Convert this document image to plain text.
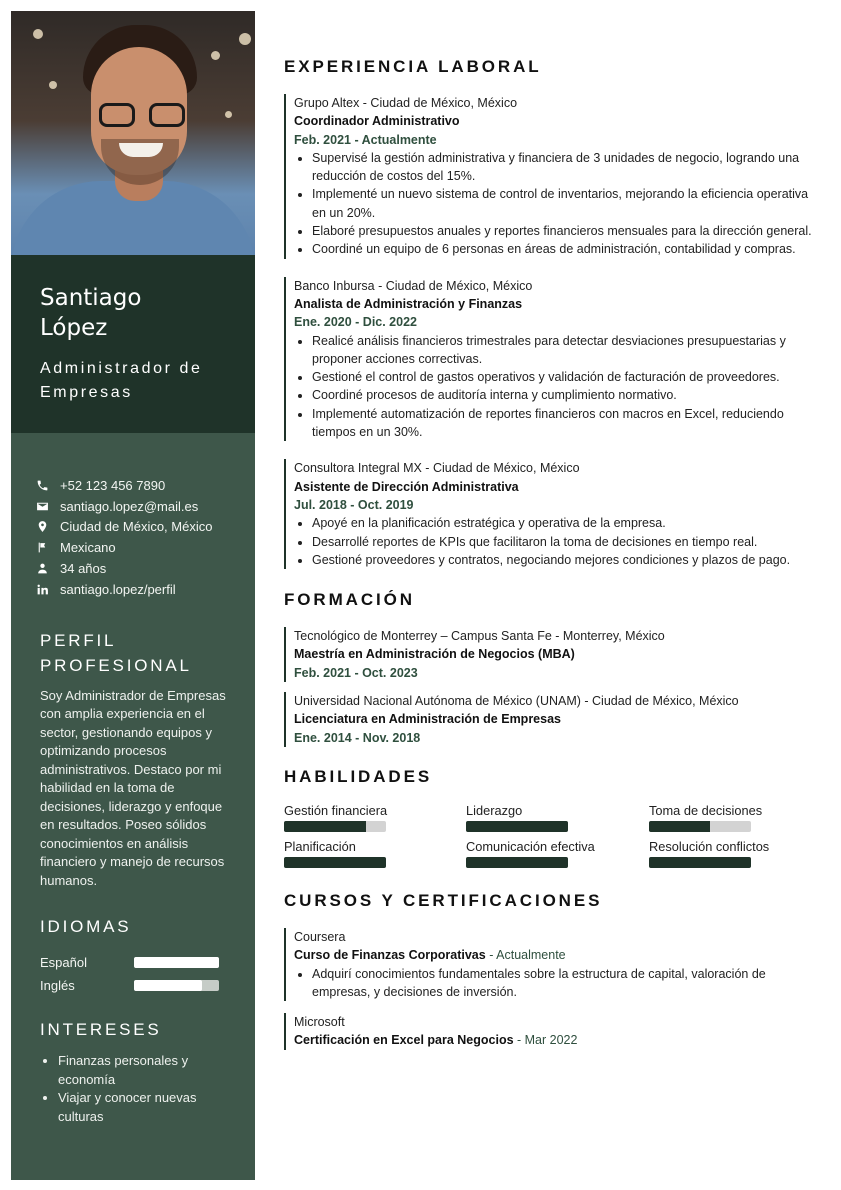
Santiago
López
Administrador de
Empresas
+52 123 456 7890
santiago.lopez@mail.es
Ciudad de México, México
Mexicano
34 años
santiago.lopez/perfil
PERFIL
PROFESIONAL

Soy Administrador de Empresas con amplia experiencia en el sector, gestionando equipos y optimizando procesos administrativos. Destaco por mi habilidad en la toma de decisiones, liderazgo y enfoque en resultados. Poseo sólidos conocimientos en análisis financiero y manejo de recursos humanos.

IDIOMAS
Español
Inglés
INTERESES
• Finanzas personales y economía
• Viajar y conocer nuevas culturas
EXPERIENCIA LABORAL
Grupo Altex - Ciudad de México, México
Coordinador Administrativo
Feb. 2021 - Actualmente
• Supervisé la gestión administrativa y financiera de 3 unidades de negocio, logrando una reducción de costos del 15%.
• Implementé un nuevo sistema de control de inventarios, mejorando la eficiencia operativa en un 20%.
• Elaboré presupuestos anuales y reportes financieros mensuales para la dirección general.
• Coordiné un equipo de 6 personas en áreas de administración, contabilidad y compras.
Banco Inbursa - Ciudad de México, México
Analista de Administración y Finanzas
Ene. 2020 - Dic. 2022
• Realicé análisis financieros trimestrales para detectar desviaciones presupuestarias y proponer acciones correctivas.
• Gestioné el control de gastos operativos y validación de facturación de proveedores.
• Coordiné procesos de auditoría interna y cumplimiento normativo.
• Implementé automatización de reportes financieros con macros en Excel, reduciendo tiempos en un 30%.
Consultora Integral MX - Ciudad de México, México
Asistente de Dirección Administrativa
Jul. 2018 - Oct. 2019
• Apoyé en la planificación estratégica y operativa de la empresa.
• Desarrollé reportes de KPIs que facilitaron la toma de decisiones en tiempo real.
• Gestioné proveedores y contratos, negociando mejores condiciones y plazos de pago.
FORMACIÓN
Tecnológico de Monterrey – Campus Santa Fe - Monterrey, México
Maestría en Administración de Negocios (MBA)
Feb. 2021 - Oct. 2023
Universidad Nacional Autónoma de México (UNAM) - Ciudad de México, México
Licenciatura en Administración de Empresas
Ene. 2014 - Nov. 2018
HABILIDADES
Gestión financiera	Liderazgo	Toma de decisiones
Planificación	Comunicación efectiva	Resolución conflictos
CURSOS Y CERTIFICACIONES
Coursera
Curso de Finanzas Corporativas - Actualmente
• Adquirí conocimientos fundamentales sobre la estructura de capital, valoración de empresas, y decisiones de inversión.
Microsoft
Certificación en Excel para Negocios - Mar 2022
